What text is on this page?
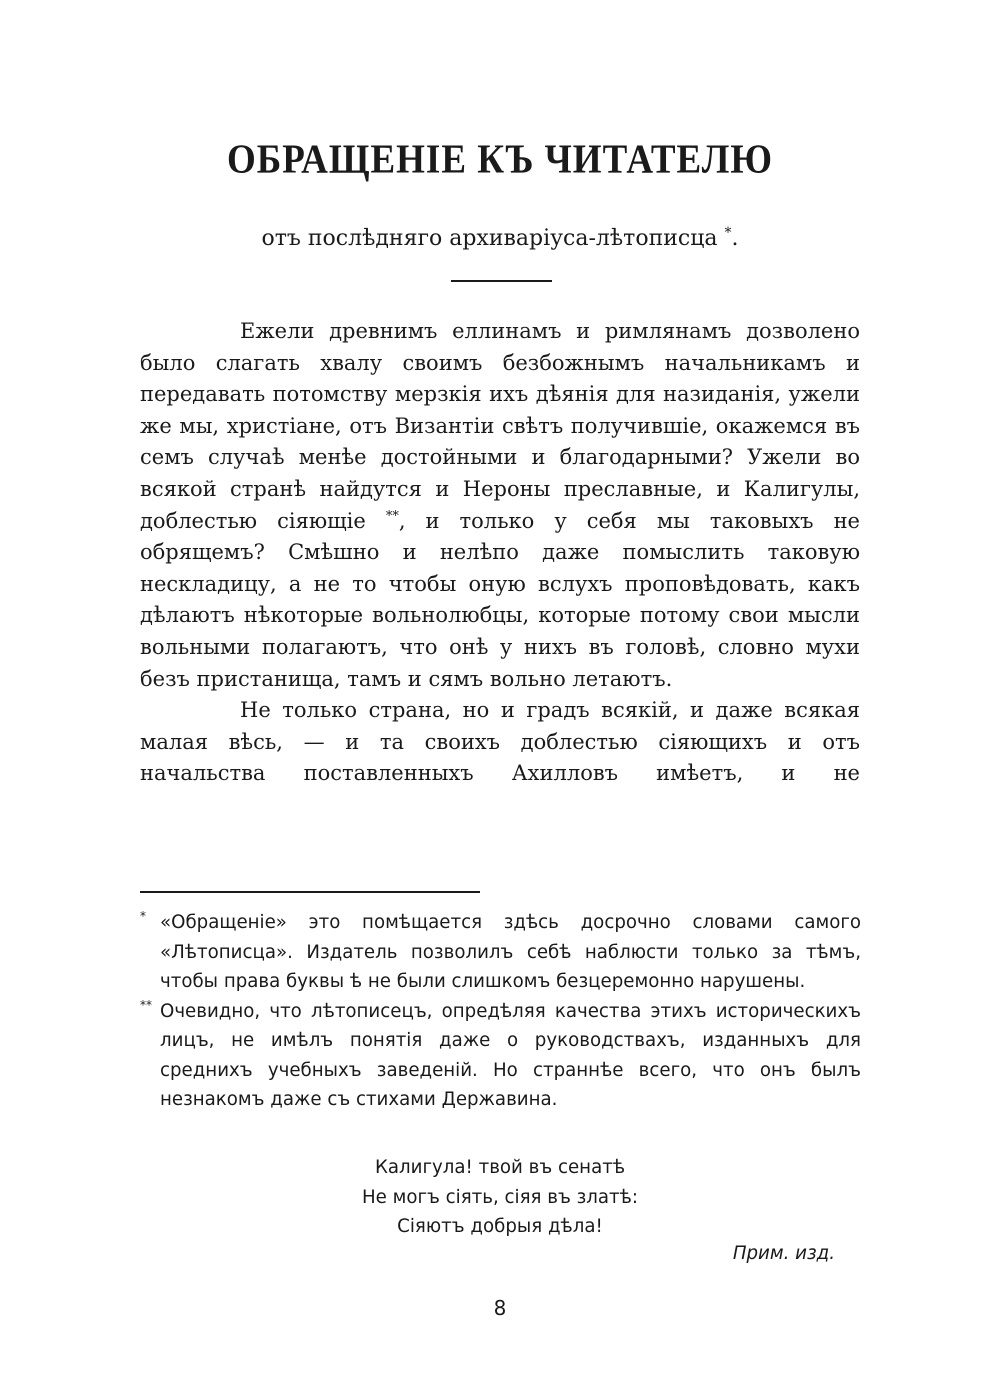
ОБРАЩЕНІЕ КЪ ЧИТАТЕЛЮ
отъ послѣдняго архиваріуса-лѣтописца *.

Ежели древнимъ еллинамъ и римлянамъ дозволено было слагать хвалу своимъ безбожнымъ начальникамъ и передавать потомству мерзкія ихъ дѣянія для назиданія, ужели же мы, христіане, отъ Византіи свѣтъ получившіе, окажемся въ семъ случаѣ менѣе достойными и благодарными? Ужели во всякой странѣ найдутся и Нероны преславные, и Калигулы, доблестью сіяющіе **, и только у себя мы таковыхъ не обрящемъ? Смѣшно и нелѣпо даже помыслить таковую нескладицу, а не то чтобы оную вслухъ проповѣдовать, какъ дѣлаютъ нѣкоторые вольнолюбцы, которые потому свои мысли вольными полагаютъ, что онѣ у нихъ въ головѣ, словно мухи безъ пристанища, тамъ и сямъ вольно летаютъ.

Не только страна, но и градъ всякій, и даже всякая малая вѣсь, — и та своихъ доблестью сіяющихъ и отъ начальства поставленныхъ Ахилловъ имѣетъ, и не

* «Обращеніе» это помѣщается здѣсь досрочно словами самого «Лѣтописца». Издатель позволилъ себѣ наблюсти только за тѣмъ, чтобы права буквы ѣ не были слишкомъ безцеремонно нарушены.
** Очевидно, что лѣтописецъ, опредѣляя качества этихъ историческихъ лицъ, не имѣлъ понятія даже о руководствахъ, изданныхъ для среднихъ учебныхъ заведеній. Но страннѣе всего, что онъ былъ незнакомъ даже съ стихами Державина.
Калигула! твой въ сенатѣ
Не могъ сіять, сіяя въ златѣ:
Сіяютъ добрыя дѣла!
Прим. изд.
8
